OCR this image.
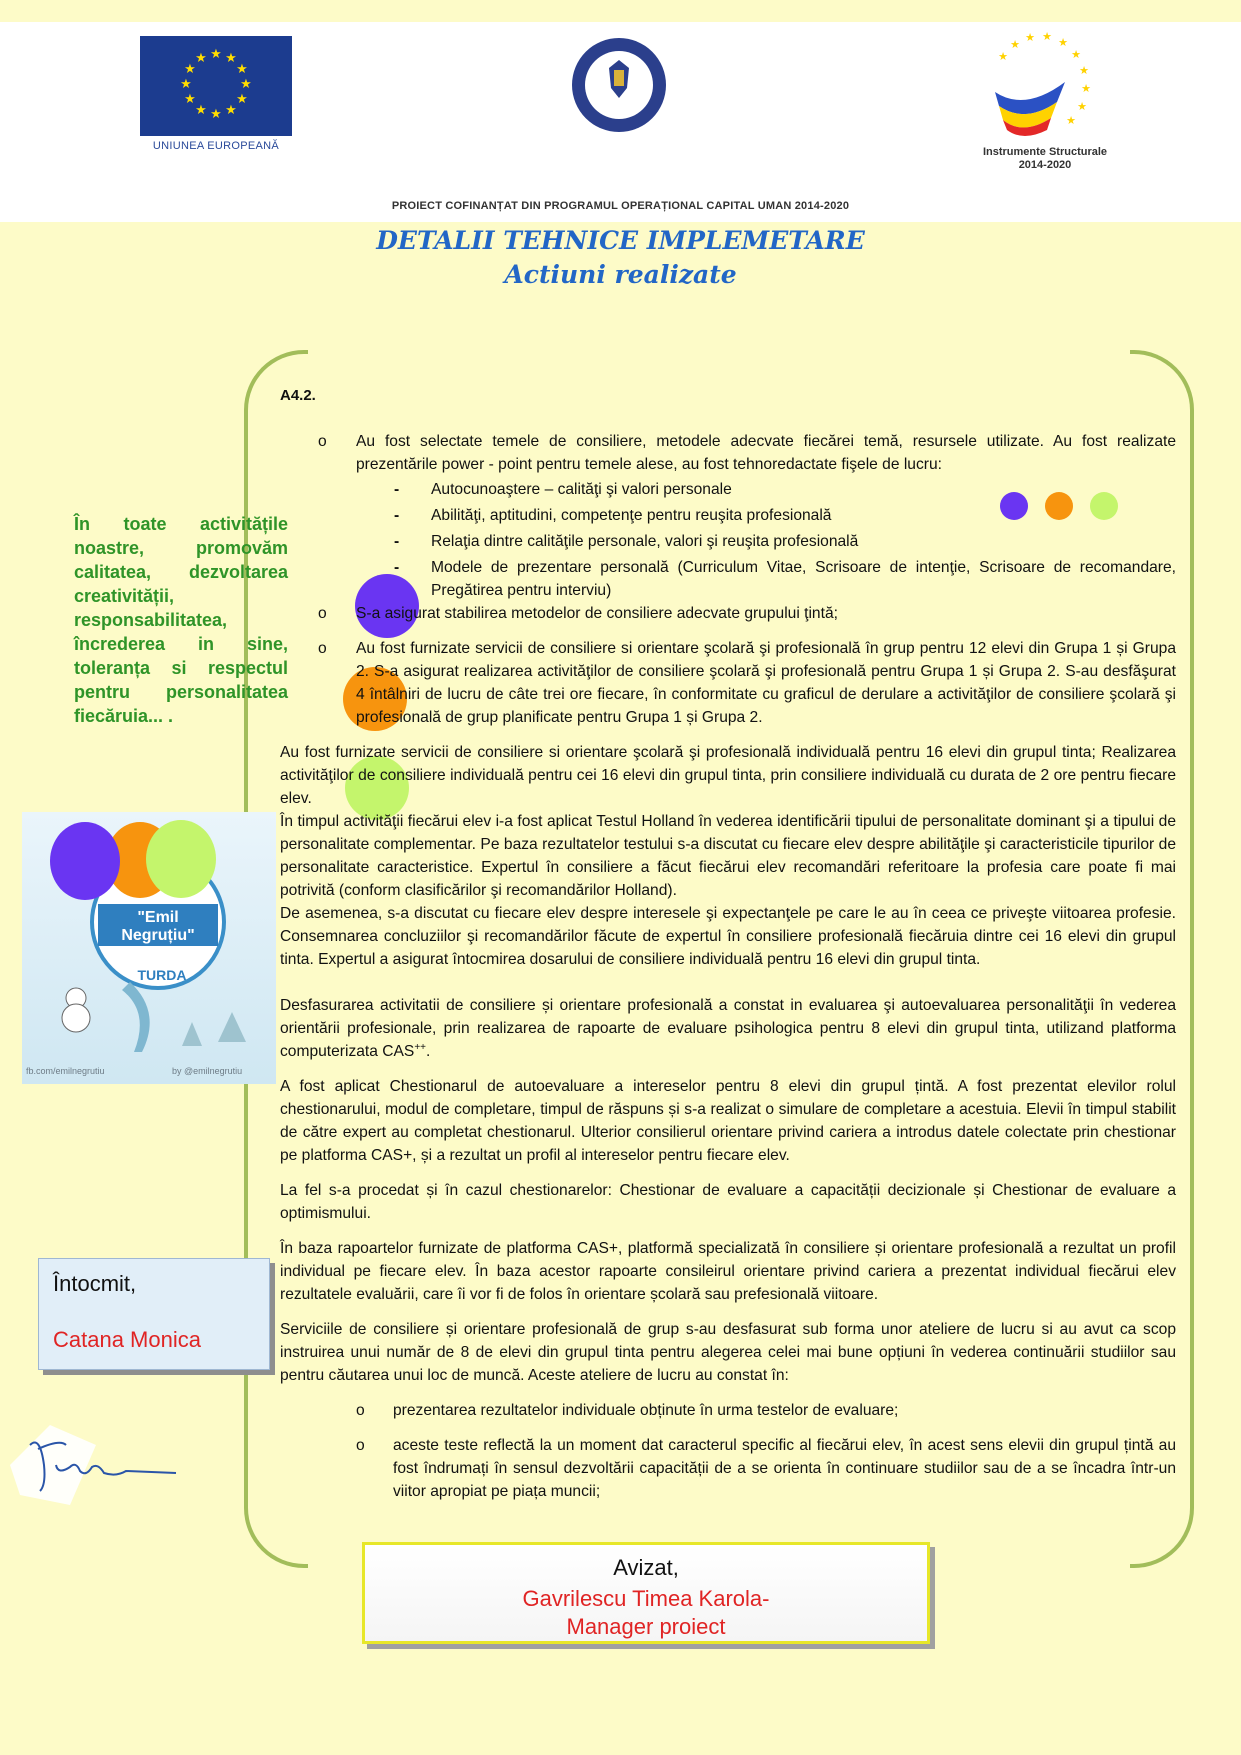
★ ★
★
★
★
★
★
★
★
★
★
★
UNIUNEA EUROPEANĂ
★
★ ★ ★
★
★
★
★
★
★
Instrumente Structurale
2014-2020
PROIECT COFINANȚAT DIN PROGRAMUL OPERAȚIONAL CAPITAL UMAN 2014-2020
DETALII TEHNICE IMPLEMETARE
Actiuni realizate
În toate activitățile noastre, promovăm calitatea, dezvoltarea creativității, responsabilitatea, încrederea in sine, toleranța si respectul pentru personalitatea fiecăruia... .
"Emil
Negruțiu"
TURDA
fb.com/emilnegrutiu	by @emilnegrutiu
Întocmit,
Catana Monica
Avizat,
Gavrilescu Timea Karola-
Manager proiect
A4.2.

o Au fost selectate temele de consiliere, metodele adecvate fiecărei temă, resursele utilizate. Au fost realizate prezentările power - point pentru temele alese, au fost tehnoredactate fişele de lucru:

- Autocunoaştere – calităţi şi valori personale

- Abilităţi, aptitudini, competenţe pentru reuşita profesională

- Relaţia dintre calităţile personale, valori şi reuşita profesională

- Modele de prezentare personală (Curriculum Vitae, Scrisoare de intenţie, Scrisoare de recomandare, Pregătirea pentru interviu)

o S-a asigurat stabilirea metodelor de consiliere adecvate grupului ţintă;

o Au fost furnizate servicii de consiliere si orientare şcolară şi profesională în grup pentru 12 elevi din Grupa 1 și Grupa 2. S-a asigurat realizarea activităţilor de consiliere şcolară şi profesională pentru Grupa 1 și Grupa 2. S-au desfăşurat 4 întâlniri de lucru de câte trei ore fiecare, în conformitate cu graficul de derulare a activităţilor de consiliere şcolară şi profesională de grup planificate pentru Grupa 1 și Grupa 2.

Au fost furnizate servicii de consiliere si orientare şcolară şi profesională individuală pentru 16 elevi din grupul tinta; Realizarea activităţilor de consiliere individuală pentru cei 16 elevi din grupul tinta, prin consiliere individuală cu durata de 2 ore pentru fiecare elev.

În timpul activităţii fiecărui elev i-a fost aplicat Testul Holland în vederea identificării tipului de personalitate dominant şi a tipului de personalitate complementar. Pe baza rezultatelor testului s-a discutat cu fiecare elev despre abilităţile şi caracteristicile tipurilor de personalitate caracteristice. Expertul în consiliere a făcut fiecărui elev recomandări referitoare la profesia care poate fi mai potrivită (conform clasificărilor şi recomandărilor Holland).

De asemenea, s-a discutat cu fiecare elev despre interesele şi expectanţele pe care le au în ceea ce priveşte viitoarea profesie. Consemnarea concluziilor şi recomandărilor făcute de expertul în consiliere profesională fiecăruia dintre cei 16 elevi din grupul tinta. Expertul a asigurat întocmirea dosarului de consiliere individuală pentru 16 elevi din grupul tinta.

Desfasurarea activitatii de consiliere și orientare profesională a constat in evaluarea şi autoevaluarea personalităţii în vederea orientării profesionale, prin realizarea de rapoarte de evaluare psihologica pentru 8 elevi din grupul tinta, utilizand platforma computerizata CAS++.

A fost aplicat Chestionarul de autoevaluare a intereselor pentru 8 elevi din grupul țintă. A fost prezentat elevilor rolul chestionarului, modul de completare, timpul de răspuns și s-a realizat o simulare de completare a acestuia. Elevii în timpul stabilit de către expert au completat chestionarul. Ulterior consilierul orientare privind cariera a introdus datele colectate prin chestionar pe platforma CAS+, și a rezultat un profil al intereselor pentru fiecare elev.

La fel s-a procedat și în cazul chestionarelor: Chestionar de evaluare a capacității decizionale și Chestionar de evaluare a optimismului.

În baza rapoartelor furnizate de platforma CAS+, platformă specializată în consiliere și orientare profesională a rezultat un profil individual pe fiecare elev. În baza acestor rapoarte consileirul orientare privind cariera a prezentat individual fiecărui elev rezultatele evaluării, care îi vor fi de folos în orientare școlară sau prefesională viitoare.

Serviciile de consiliere și orientare profesională de grup s-au desfasurat sub forma unor ateliere de lucru si au avut ca scop instruirea unui număr de 8 de elevi din grupul tinta pentru alegerea celei mai bune opțiuni în vederea continuării studiilor sau pentru căutarea unui loc de muncă. Aceste ateliere de lucru au constat în:

o prezentarea rezultatelor individuale obținute în urma testelor de evaluare;

o aceste teste reflectă la un moment dat caracterul specific al fiecărui elev, în acest sens elevii din grupul țintă au fost îndrumați în sensul dezvoltării capacității de a se orienta în continuare studiilor sau de a se încadra într-un viitor apropiat pe piața muncii;
